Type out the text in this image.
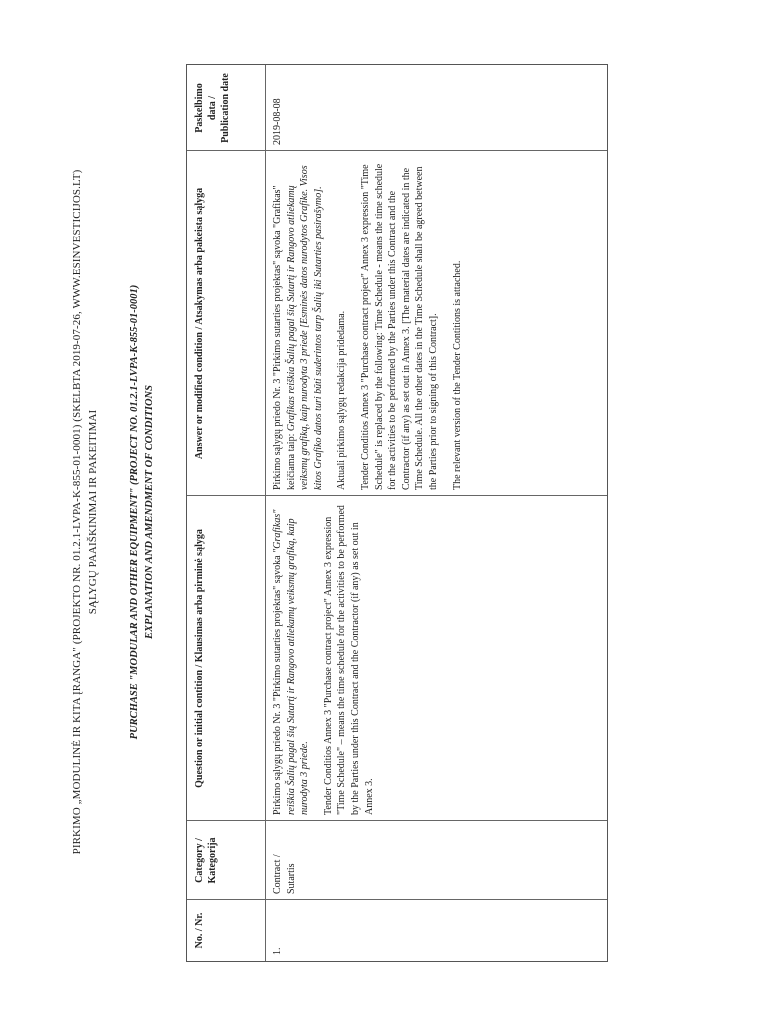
PIRKIMO „MODULINĖ IR KITA ĮRANGA" (PROJEKTO NR. 01.2.1-LVPA-K-855-01-0001) (SKELBTA 2019-07-26, WWW.ESINVESTICIJOS.LT) SĄLYGŲ PAAIŠKINIMAI IR PAKEITIMAI	PURCHASE "MODULAR AND OTHER EQUIPMENT" (PROJECT NO. 01.2.1-LVPA-K-855-01-0001) EXPLANATION AND AMENDMENT OF CONDITIONS
No. / Nr.
Category / Kategorija
Question or initial contition / Klausimas arba pirminė sąlyga
Answer or modified condition / Atsakymas arba pakeista sąlyga
Paskelbimo data / Publication date
1.
Contract / Sutartis

Pirkimo sąlygų priedo Nr. 3 "Pirkimo sutarties projektas" sąvoka "Grafikas" reiškia Šalių pagal šią Sutartį ir Rangovo atliekamų veiksmų grafiką, kaip nurodyta 3 priede. Tender Conditios Annex 3 "Purchase contract project" Annex 3 expression "Time Schedule" – means the time schedule for the activities to be performed by the Parties under this Contract and the Contractor (if any) as set out in Annex 3.

Pirkimo sąlygų priedo Nr. 3 "Pirkimo sutarties projektas" sąvoka "Grafikas" keičiama taip: Grafikas reiškia Šalių pagal šią Sutartį ir Rangovo atliekamų veiksmų grafiką, kaip nurodyta 3 priede [Esminės datos nurodytos Grafike. Visos kitos Grafiko datos turi būti suderintos tarp Šalių iki Sutarties pasirašymo]. Aktuali pirkimo sąlygų redakcija pridedama. Tender Conditios Annex 3 "Purchase contract project" Annex 3 expression "Time Schedule" is replaced by the following: Time Schedule - means the time schedule for the activities to be performed by the Parties under this Contract and the Contractor (if any) as set out in Annex 3. [The material dates are indicated in the Time Schedule. All the other dates in the Time Schedule shall be agreed between the Parties prior to signing of this Contract]. The relevant version of the Tender Contitions is attached.

2019-08-08
